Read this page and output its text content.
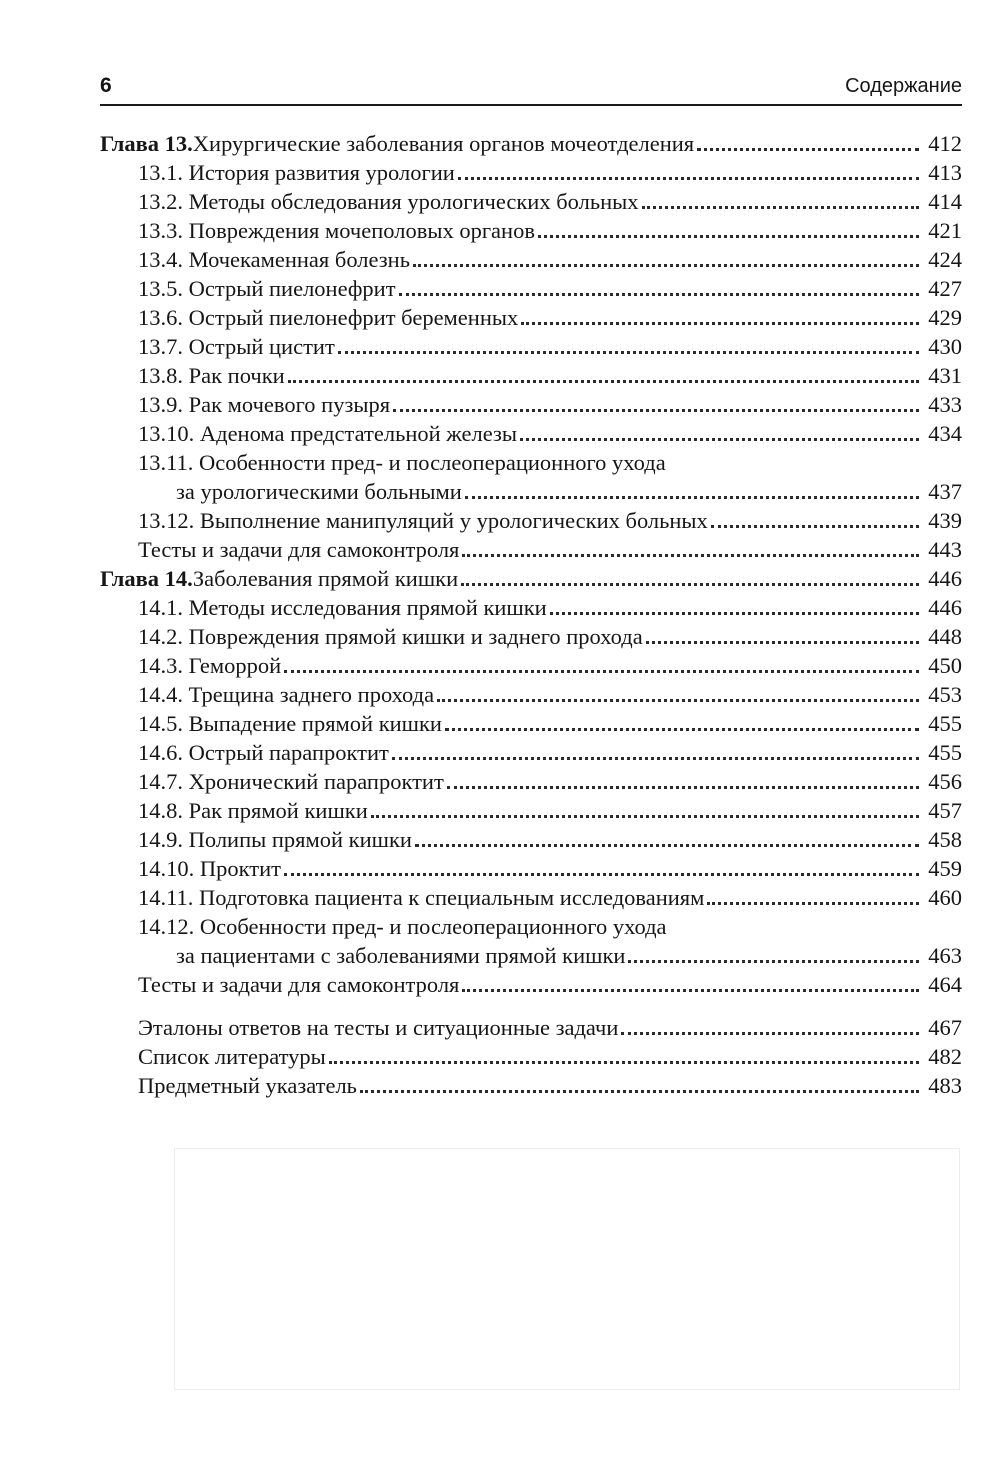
6	Содержание
Глава 13. Хирургические заболевания органов мочеотделения	412
13.1. История развития урологии	413
13.2. Методы обследования урологических больных	414
13.3. Повреждения мочеполовых органов	421
13.4. Мочекаменная болезнь	424
13.5. Острый пиелонефрит	427
13.6. Острый пиелонефрит беременных	429
13.7. Острый цистит	430
13.8. Рак почки	431
13.9. Рак мочевого пузыря	433
13.10. Аденома предстательной железы	434
13.11. Особенности пред- и послеоперационного ухода
за урологическими больными	437
13.12. Выполнение манипуляций у урологических больных	439
Тесты и задачи для самоконтроля	443
Глава 14. Заболевания прямой кишки	446
14.1. Методы исследования прямой кишки	446
14.2. Повреждения прямой кишки и заднего прохода	448
14.3. Геморрой	450
14.4. Трещина заднего прохода	453
14.5. Выпадение прямой кишки	455
14.6. Острый парапроктит	455
14.7. Хронический парапроктит	456
14.8. Рак прямой кишки	457
14.9. Полипы прямой кишки	458
14.10. Проктит	459
14.11. Подготовка пациента к специальным исследованиям	460
14.12. Особенности пред- и послеоперационного ухода
за пациентами с заболеваниями прямой кишки	463
Тесты и задачи для самоконтроля	464
Эталоны ответов на тесты и ситуационные задачи	467
Список литературы	482
Предметный указатель	483
